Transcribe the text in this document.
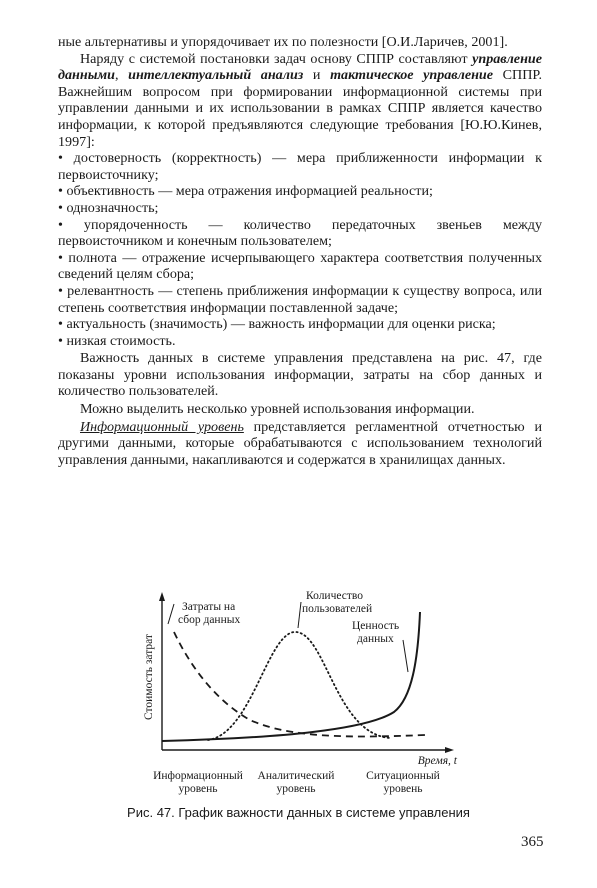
ные альтернативы и упорядочивает их по полезности [О.И.Ларичев, 2001].

Наряду с системой постановки задач основу СППР составляют управление данными, интеллектуальный анализ и тактическое управление СППР. Важнейшим вопросом при формировании информационной системы при управлении данными и их использовании в рамках СППР является качество информации, к которой предъявляются следующие требования [Ю.Ю.Кинев, 1997]:

• достоверность (корректность) — мера приближенности информации к первоисточнику;

• объективность — мера отражения информацией реальности;

• однозначность;

• упорядоченность — количество передаточных звеньев между первоисточником и конечным пользователем;

• полнота — отражение исчерпывающего характера соответствия полученных сведений целям сбора;

• релевантность — степень приближения информации к существу вопроса, или степень соответствия информации поставленной задаче;

• актуальность (значимость) — важность информации для оценки риска;

• низкая стоимость.

Важность данных в системе управления представлена на рис. 47, где показаны уровни использования информации, затраты на сбор данных и количество пользователей.

Можно выделить несколько уровней использования информации.

Информационный уровень представляется регламентной отчетностью и другими данными, которые обрабатываются с использованием технологий управления данными, накапливаются и содержатся в хранилищах данных.

Затраты на
сбор данных
Количество
пользователей
Ценность
данных
Стоимость затрат
Время, t
Информационный
уровень
Аналитический
уровень
Ситуационный
уровень
Рис. 47. График важности данных в системе управления
365
